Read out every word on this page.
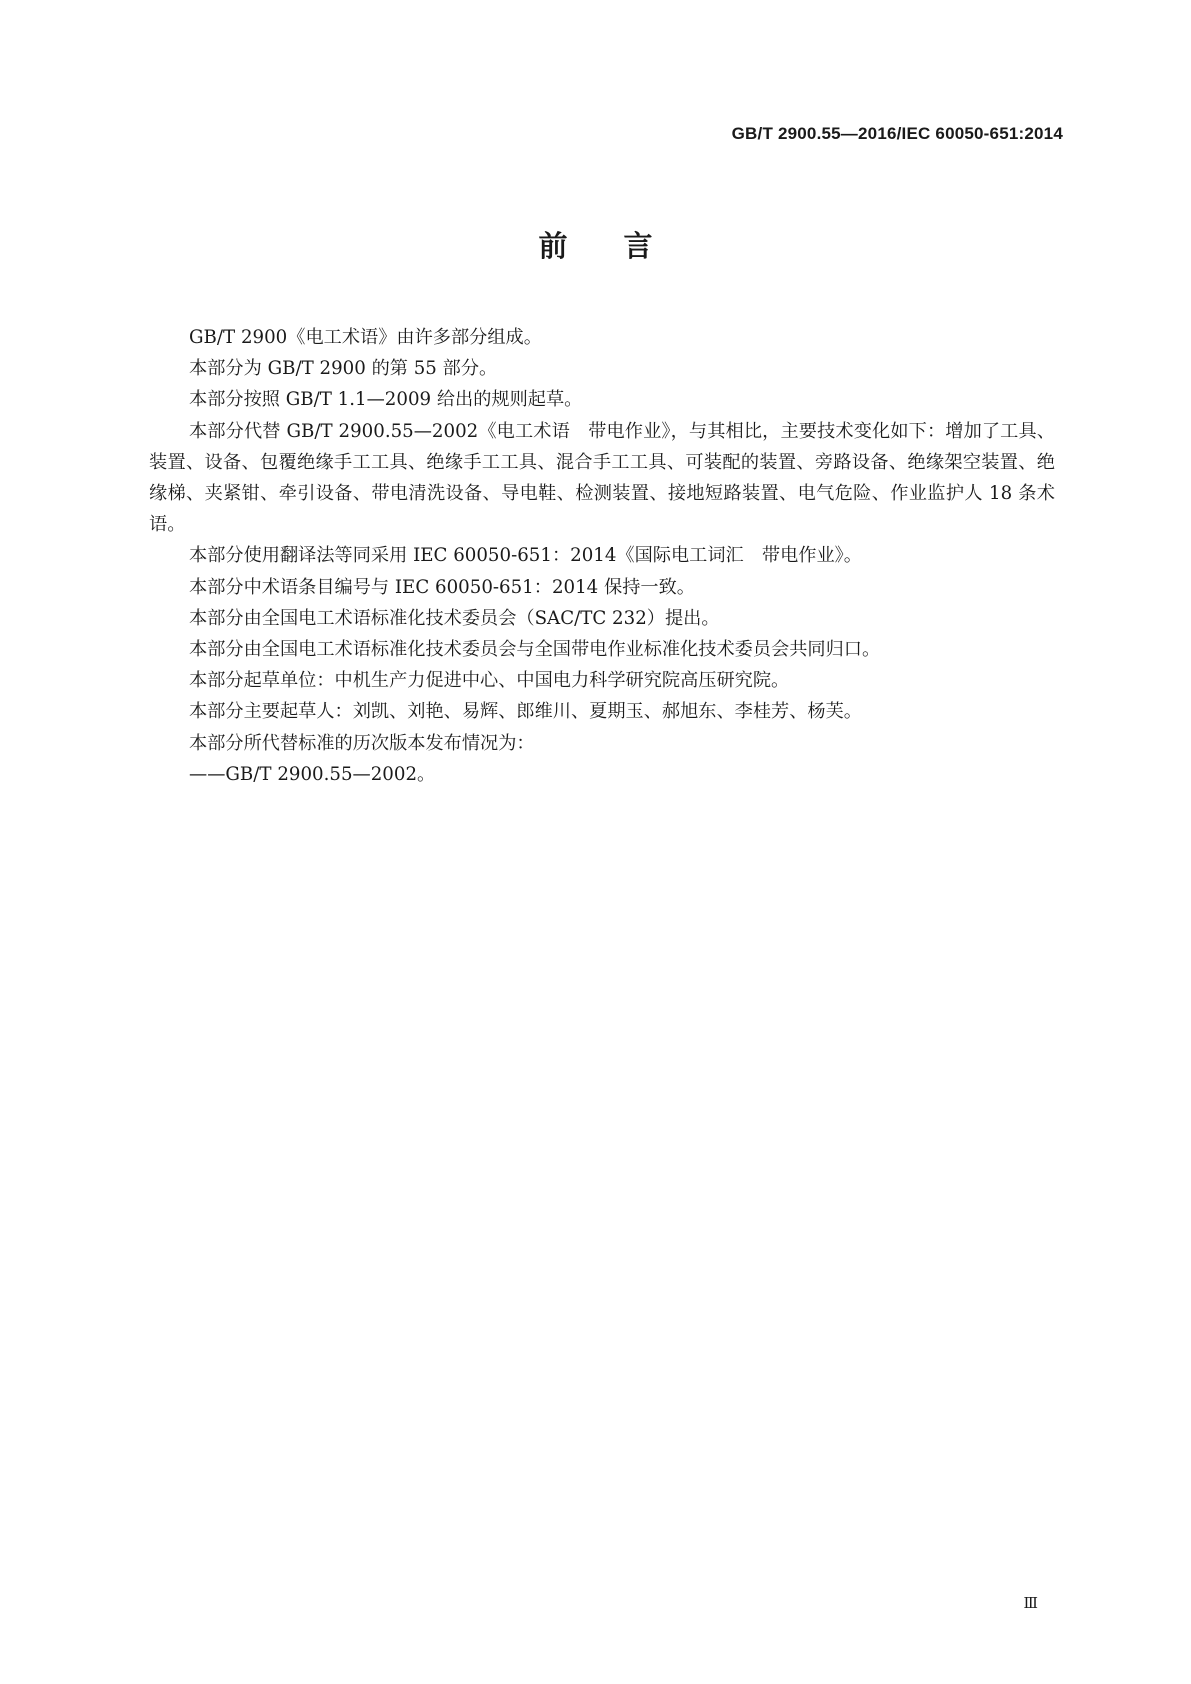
GB/T 2900.55—2016/IEC 60050-651:2014
前 言

GB/T 2900《电工术语》由许多部分组成。

本部分为 GB/T 2900 的第 55 部分。

本部分按照 GB/T 1.1—2009 给出的规则起草。

本部分代替 GB/T 2900.55—2002《电工术语　带电作业》，与其相比，主要技术变化如下：增加了工具、装置、设备、包覆绝缘手工工具、绝缘手工工具、混合手工工具、可装配的装置、旁路设备、绝缘架空装置、绝缘梯、夹紧钳、牵引设备、带电清洗设备、导电鞋、检测装置、接地短路装置、电气危险、作业监护人 18 条术语。

本部分使用翻译法等同采用 IEC 60050-651：2014《国际电工词汇　带电作业》。

本部分中术语条目编号与 IEC 60050-651：2014 保持一致。

本部分由全国电工术语标准化技术委员会（SAC/TC 232）提出。

本部分由全国电工术语标准化技术委员会与全国带电作业标准化技术委员会共同归口。

本部分起草单位：中机生产力促进中心、中国电力科学研究院高压研究院。

本部分主要起草人：刘凯、刘艳、易辉、郎维川、夏期玉、郝旭东、李桂芳、杨芙。

本部分所代替标准的历次版本发布情况为：

——GB/T 2900.55—2002。

Ⅲ
